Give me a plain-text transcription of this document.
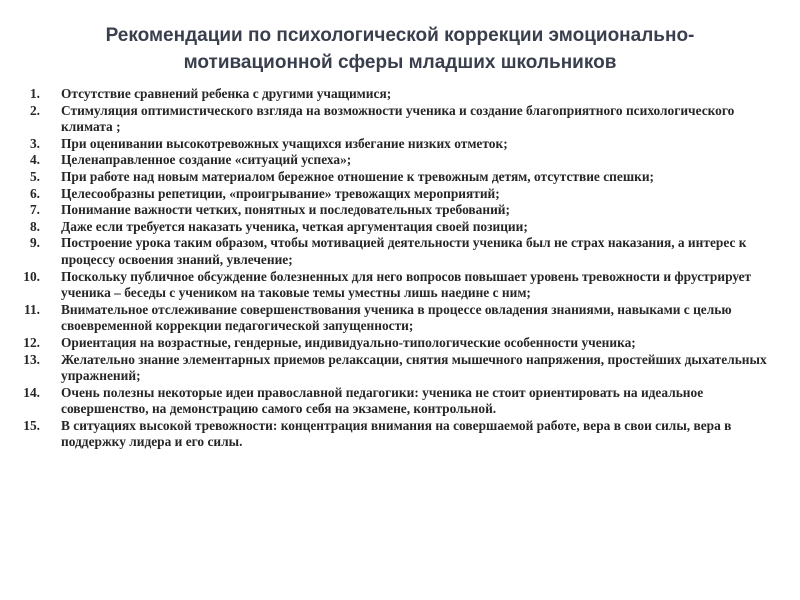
Рекомендации по психологической коррекции эмоционально-
мотивационной сферы младших школьников
1. Отсутствие сравнений ребенка с другими учащимися;
2. Стимуляция оптимистического взгляда на возможности ученика и создание благоприятного психологического климата ;
3. При оценивании высокотревожных учащихся избегание низких отметок;
4. Целенаправленное создание «ситуаций успеха»;
5. При работе над новым материалом бережное отношение к тревожным детям, отсутствие спешки;
6. Целесообразны репетиции, «проигрывание» тревожащих мероприятий;
7. Понимание важности четких, понятных и последовательных требований;
8. Даже если требуется наказать ученика, четкая аргументация своей позиции;
9. Построение урока таким образом, чтобы мотивацией деятельности ученика был не страх наказания, а интерес к процессу освоения знаний, увлечение;
10. Поскольку публичное обсуждение болезненных для него вопросов повышает уровень тревожности и фрустрирует ученика – беседы с учеником на таковые темы уместны лишь наедине с ним;
11. Внимательное отслеживание совершенствования ученика в процессе овладения знаниями, навыками с целью своевременной коррекции педагогической запущенности;
12. Ориентация на возрастные, гендерные, индивидуально-типологические особенности ученика;
13. Желательно знание элементарных приемов релаксации, снятия мышечного напряжения, простейших дыхательных упражнений;
14. Очень полезны некоторые идеи православной педагогики: ученика не стоит ориентировать на идеальное совершенство, на демонстрацию самого себя на экзамене, контрольной.
15. В ситуациях высокой тревожности: концентрация внимания на совершаемой работе, вера в свои силы, вера в поддержку лидера и его силы.
